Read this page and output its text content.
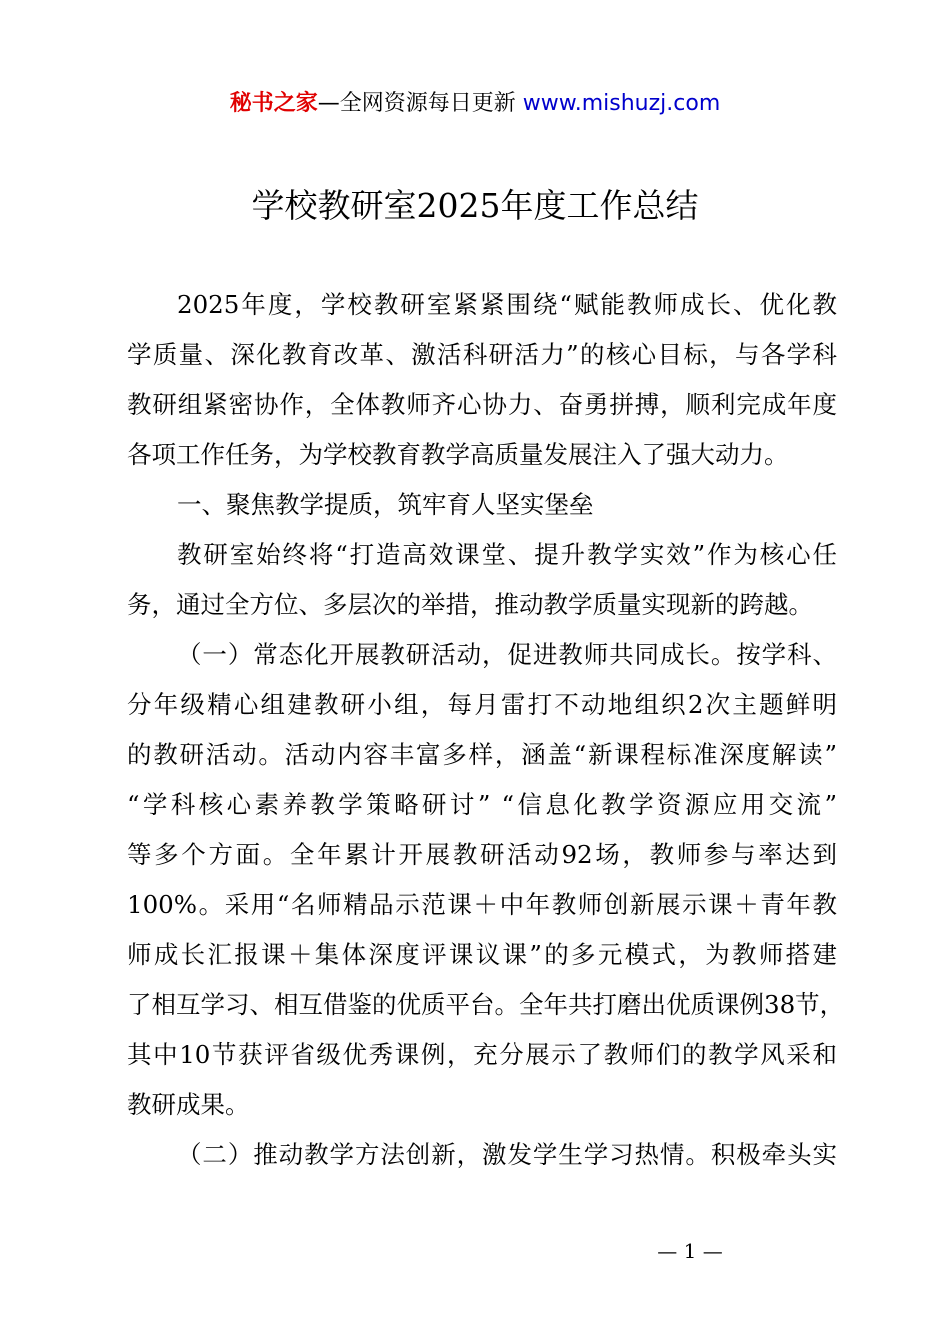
秘书之家—全网资源每日更新 www.mishuzj.com
学校教研室2025年度工作总结
2025年度，学校教研室紧紧围绕“赋能教师成长、优化教
学质量、深化教育改革、激活科研活力”的核心目标，与各学科
教研组紧密协作，全体教师齐心协力、奋勇拼搏，顺利完成年度
各项工作任务，为学校教育教学高质量发展注入了强大动力。
一、聚焦教学提质，筑牢育人坚实堡垒
教研室始终将“打造高效课堂、提升教学实效”作为核心任
务，通过全方位、多层次的举措，推动教学质量实现新的跨越。
（一）常态化开展教研活动，促进教师共同成长。按学科、
分年级精心组建教研小组，每月雷打不动地组织2次主题鲜明
的教研活动。活动内容丰富多样，涵盖“新课程标准深度解读”
“学科核心素养教学策略研讨” “信息化教学资源应用交流”
等多个方面。全年累计开展教研活动92场，教师参与率达到
100%。采用“名师精品示范课＋中年教师创新展示课＋青年教
师成长汇报课＋集体深度评课议课”的多元模式，为教师搭建
了相互学习、相互借鉴的优质平台。全年共打磨出优质课例38节，
其中10节获评省级优秀课例，充分展示了教师们的教学风采和
教研成果。
（二）推动教学方法创新，激发学生学习热情。积极牵头实
— 1 —
